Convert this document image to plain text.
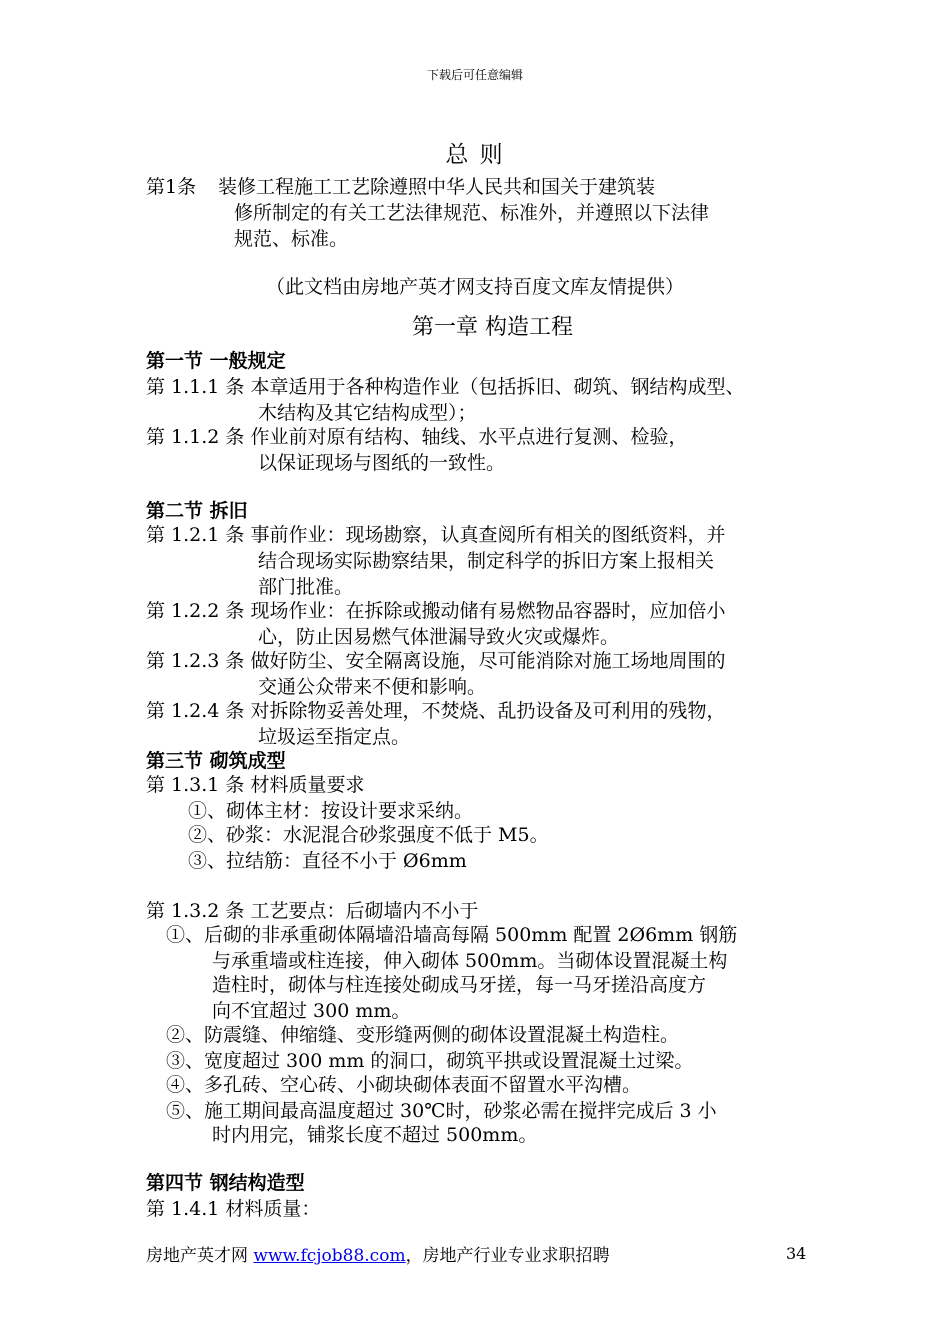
下载后可任意编辑
总 则
第1条 装修工程施工工艺除遵照中华人民共和国关于建筑装
修所制定的有关工艺法律规范、标准外，并遵照以下法律
规范、标准。
（此文档由房地产英才网支持百度文库友情提供）
第一章 构造工程
第一节 一般规定
第 1.1.1 条 本章适用于各种构造作业（包括拆旧、砌筑、钢结构成型、
木结构及其它结构成型）；
第 1.1.2 条 作业前对原有结构、轴线、水平点进行复测、检验，
以保证现场与图纸的一致性。
第二节 拆旧
第 1.2.1 条 事前作业：现场勘察，认真查阅所有相关的图纸资料，并
结合现场实际勘察结果，制定科学的拆旧方案上报相关
部门批准。
第 1.2.2 条 现场作业：在拆除或搬动储有易燃物品容器时，应加倍小
心，防止因易燃气体泄漏导致火灾或爆炸。
第 1.2.3 条 做好防尘、安全隔离设施，尽可能消除对施工场地周围的
交通公众带来不便和影响。
第 1.2.4 条 对拆除物妥善处理，不焚烧、乱扔设备及可利用的残物，
垃圾运至指定点。
第三节 砌筑成型
第 1.3.1 条 材料质量要求
①、砌体主材：按设计要求采纳。
②、砂浆：水泥混合砂浆强度不低于 M5。
③、拉结筋：直径不小于 Ø6mm
第 1.3.2 条 工艺要点：后砌墙内不小于
①、后砌的非承重砌体隔墙沿墙高每隔 500mm 配置 2Ø6mm 钢筋
与承重墙或柱连接，伸入砌体 500mm。当砌体设置混凝土构
造柱时，砌体与柱连接处砌成马牙搓，每一马牙搓沿高度方
向不宜超过 300 mm。
②、防震缝、伸缩缝、变形缝两侧的砌体设置混凝土构造柱。
③、宽度超过 300 mm 的洞口，砌筑平拱或设置混凝土过梁。
④、多孔砖、空心砖、小砌块砌体表面不留置水平沟槽。
⑤、施工期间最高温度超过 30℃时，砂浆必需在搅拌完成后 3 小
时内用完，铺浆长度不超过 500mm。
第四节 钢结构造型
第 1.4.1 材料质量：
房地产英才网 www.fcjob88.com，房地产行业专业求职招聘	34
